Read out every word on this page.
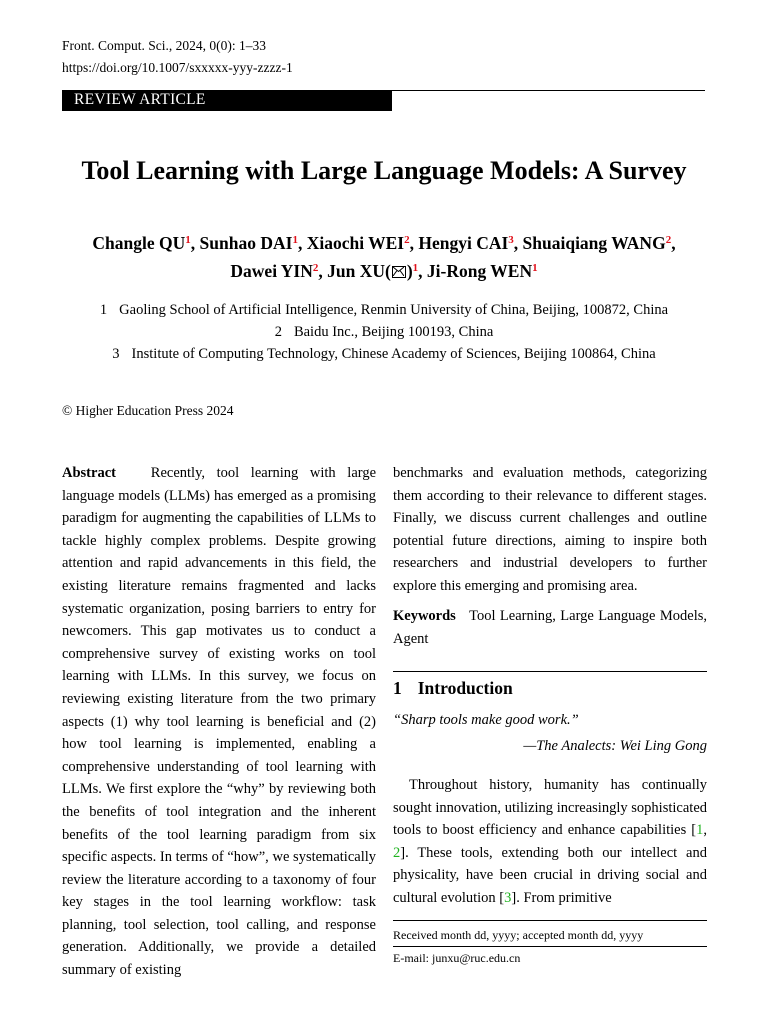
Front. Comput. Sci., 2024, 0(0): 1–33
https://doi.org/10.1007/sxxxxx-yyy-zzzz-1
REVIEW ARTICLE
Tool Learning with Large Language Models: A Survey
Changle $QU^1$, Sunhao DAI$^1$, Xiaochi WEI$^2$, Hengyi CAI$^3$, Shuaiqiang WANG$^2$,
Dawei YIN$^2$, Jun XU( )$^1$, Ji-Rong WEN$^1$
1 Gaoling School of Artificial Intelligence, Renmin University of China, Beijing, 100872, China
2 Baidu Inc., Beijing 100193, China
3 Institute of Computing Technology, Chinese Academy of Sciences, Beijing 100864, China
© Higher Education Press 2024
Abstract Recently, tool learning with large language models (LLMs) has emerged as a promising paradigm for augmenting the capabilities of LLMs to tackle highly complex problems. Despite growing attention and rapid advancements in this field, the existing literature remains fragmented and lacks systematic organization, posing barriers to entry for newcomers. This gap motivates us to conduct a comprehensive survey of existing works on tool learning with LLMs. In this survey, we focus on reviewing existing literature from the two primary aspects (1) why tool learning is beneficial and (2) how tool learning is implemented, enabling a comprehensive understanding of tool learning with LLMs. We first explore the “why” by reviewing both the benefits of tool integration and the inherent benefits of the tool learning paradigm from six specific aspects. In terms of “how”, we systematically review the literature according to a taxonomy of four key stages in the tool learning workflow: task planning, tool selection, tool calling, and response generation. Additionally, we provide a detailed summary of existing
benchmarks and evaluation methods, categorizing them according to their relevance to different stages. Finally, we discuss current challenges and outline potential future directions, aiming to inspire both researchers and industrial developers to further explore this emerging and promising area.
Keywords Tool Learning, Large Language Models, Agent
1 Introduction
“Sharp tools make good work.”
—The Analects: Wei Ling Gong
Throughout history, humanity has continually sought innovation, utilizing increasingly sophisticated tools to boost efficiency and enhance capabilities [1, 2]. These tools, extending both our intellect and physicality, have been crucial in driving social and cultural evolution [3]. From primitive
Received month dd, yyyy; accepted month dd, yyyy
E-mail: junxu@ruc.edu.cn
